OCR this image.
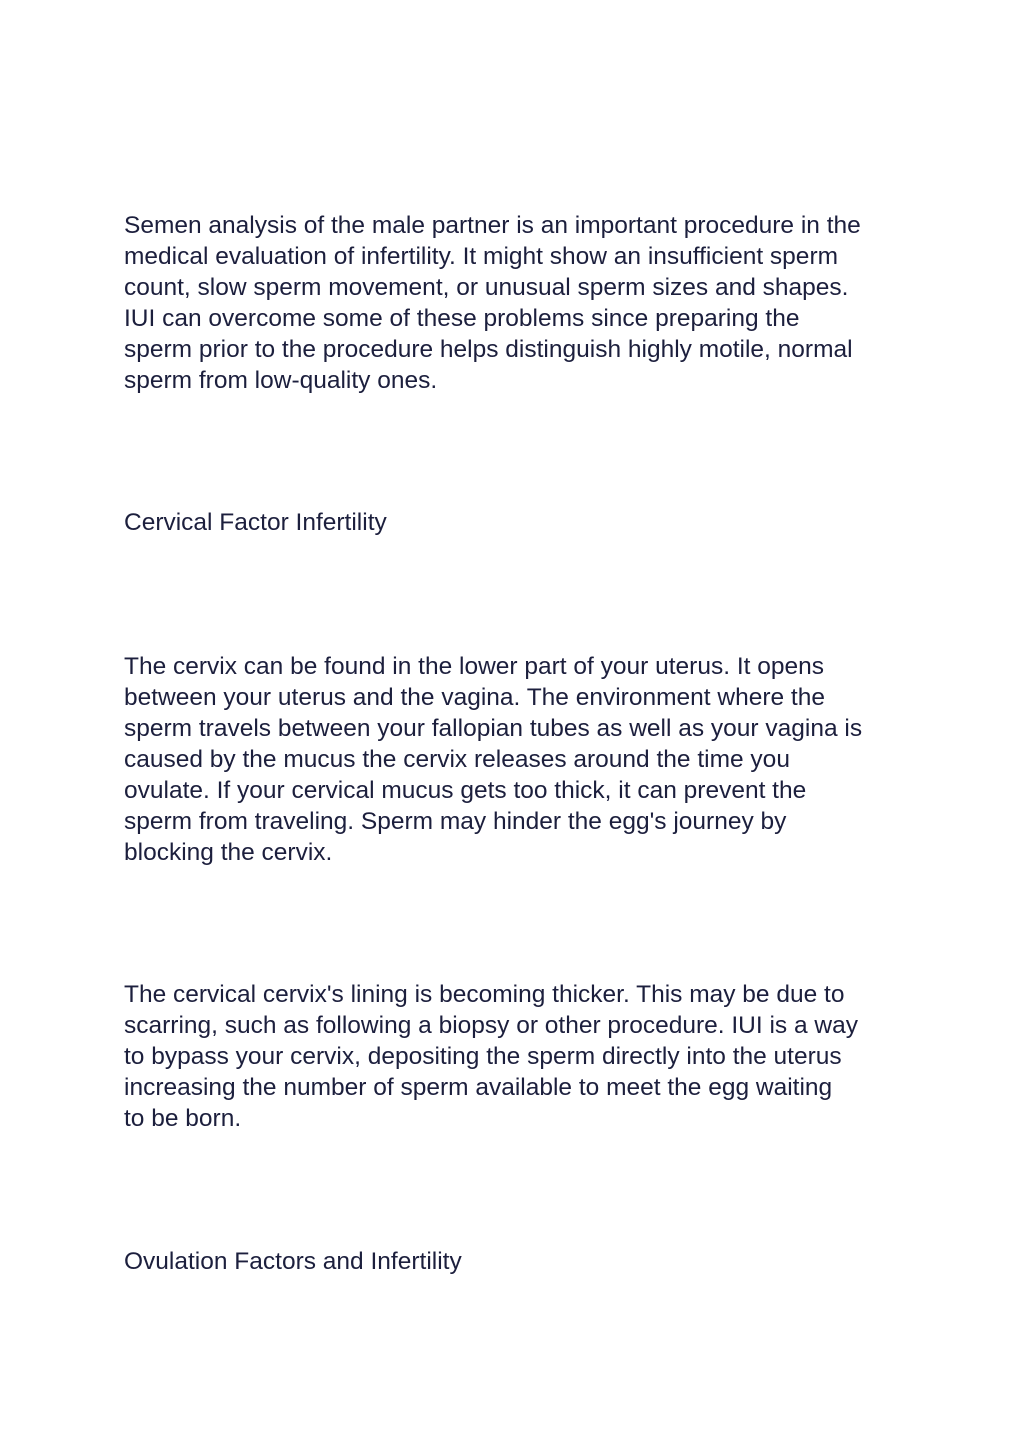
Semen analysis of the male partner is an important procedure in the
medical evaluation of infertility. It might show an insufficient sperm
count, slow sperm movement, or unusual sperm sizes and shapes.
IUI can overcome some of these problems since preparing the
sperm prior to the procedure helps distinguish highly motile, normal
sperm from low-quality ones.

Cervical Factor Infertility

The cervix can be found in the lower part of your uterus. It opens
between your uterus and the vagina. The environment where the
sperm travels between your fallopian tubes as well as your vagina is
caused by the mucus the cervix releases around the time you
ovulate. If your cervical mucus gets too thick, it can prevent the
sperm from traveling. Sperm may hinder the egg's journey by
blocking the cervix.

The cervical cervix's lining is becoming thicker. This may be due to
scarring, such as following a biopsy or other procedure. IUI is a way
to bypass your cervix, depositing the sperm directly into the uterus
increasing the number of sperm available to meet the egg waiting
to be born.

Ovulation Factors and Infertility
